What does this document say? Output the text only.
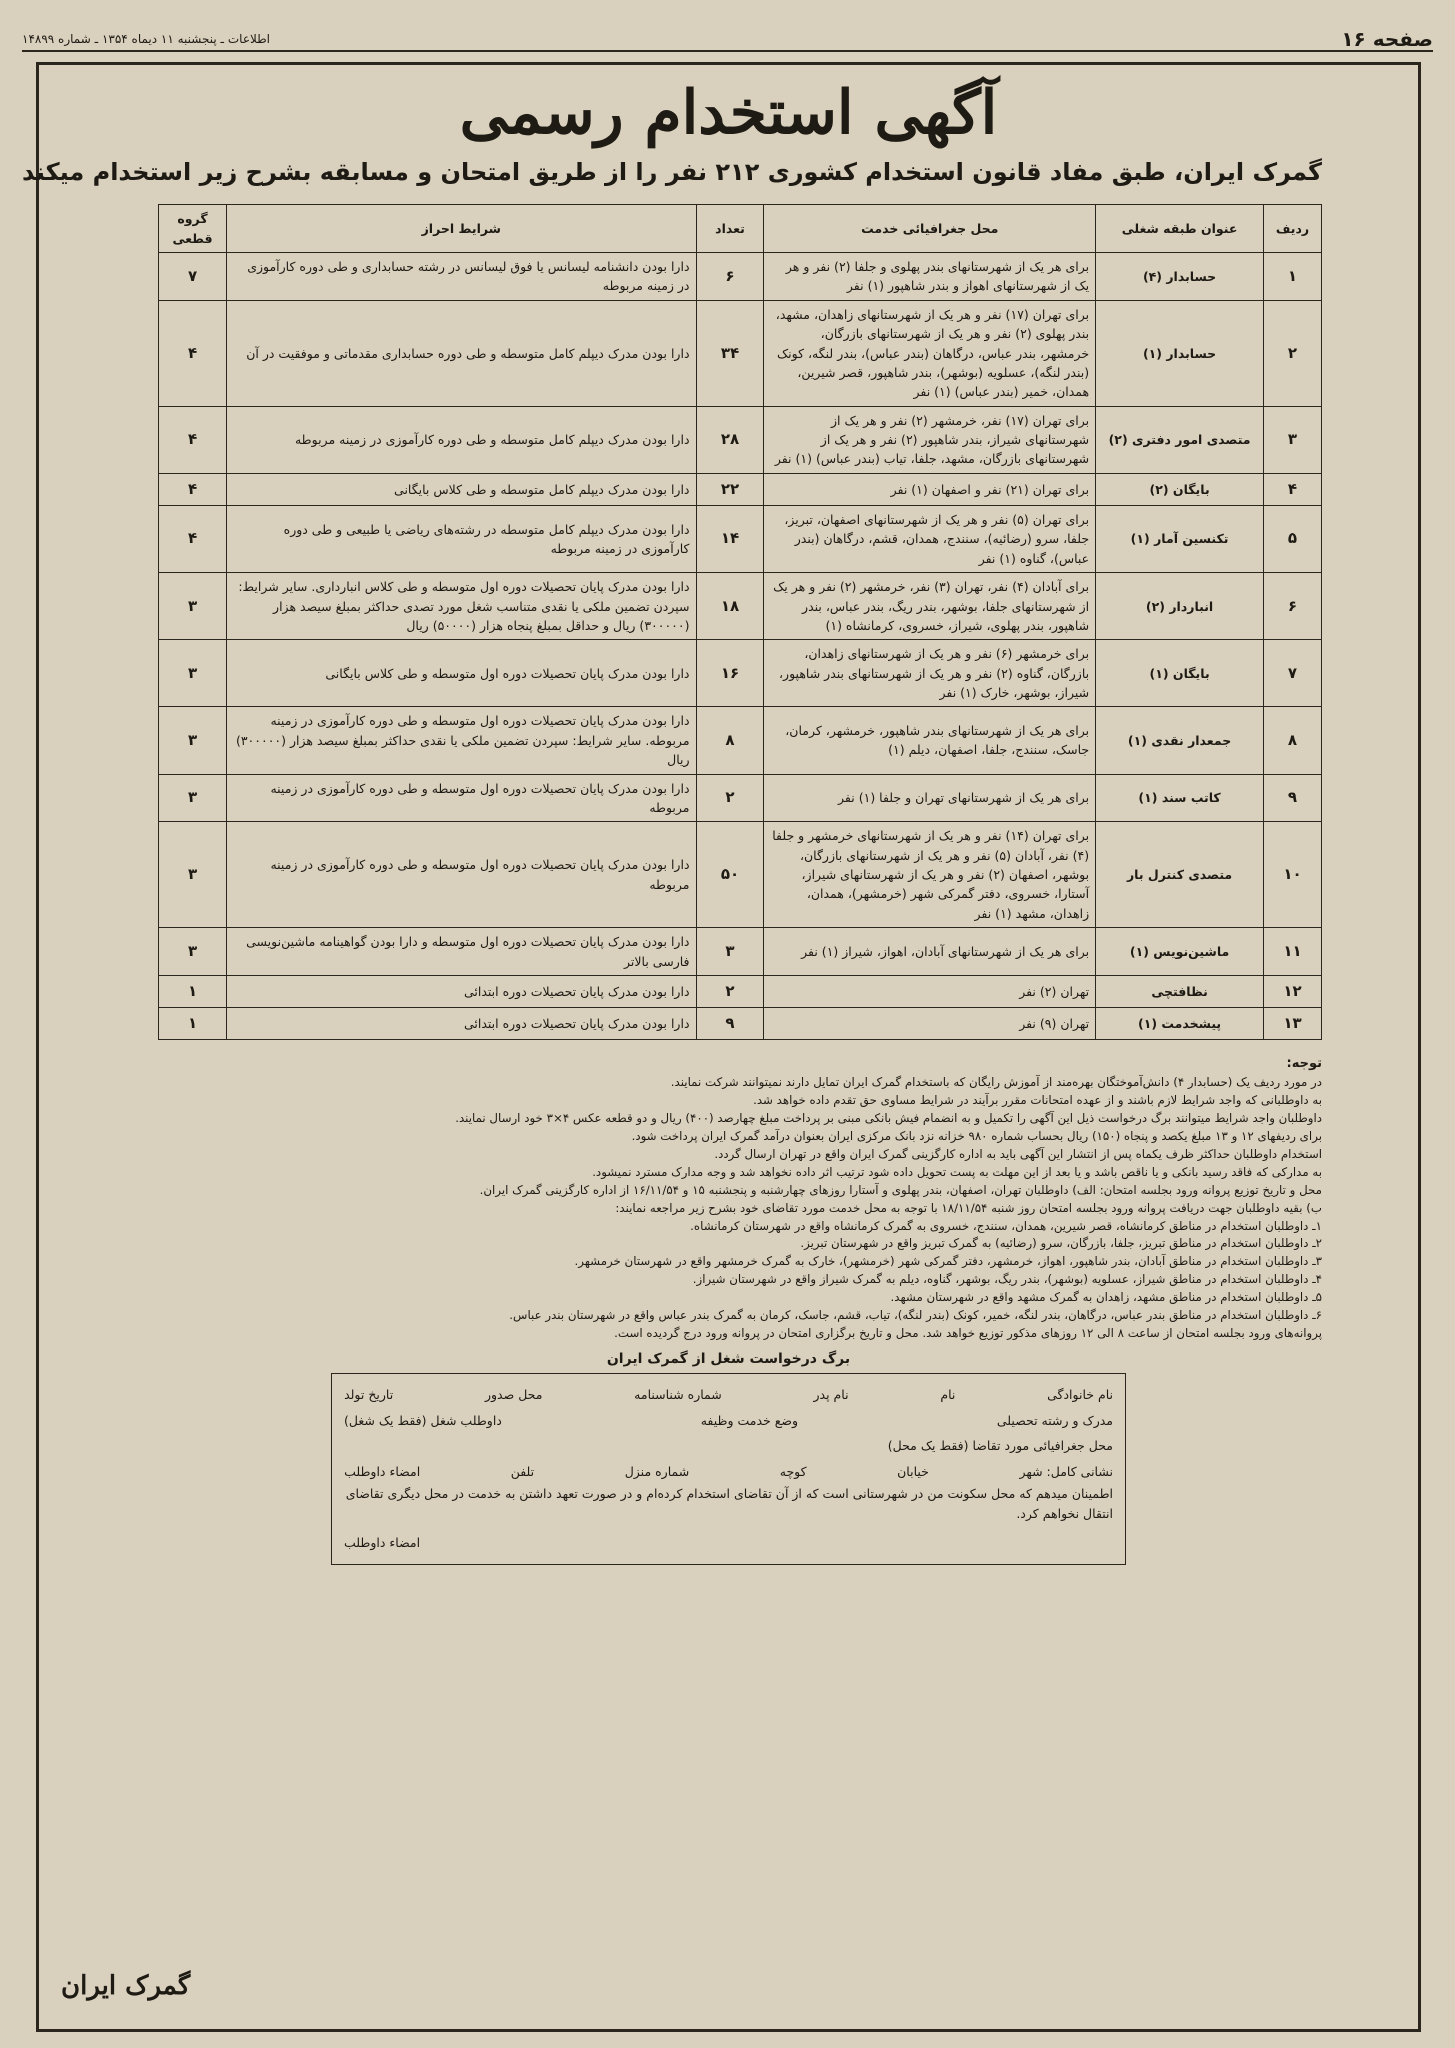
صفحه ۱۶
اطلاعات ـ پنجشنبه ۱۱ دیماه ۱۳۵۴ ـ شماره ۱۴۸۹۹
آگهی استخدام رسمی
گمرک ایران، طبق مفاد قانون استخدام کشوری ۲۱۲ نفر را از طریق امتحان و مسابقه بشرح زیر استخدام میکند
ردیف	عنوان طبقه شغلی	محل جغرافیائی خدمت	تعداد	شرایط احراز	گروه قطعی
۱	حسابدار (۴)	برای هر یک از شهرستانهای بندر پهلوی و جلفا (۲) نفر و هر یک از شهرستانهای اهواز و بندر شاهپور (۱) نفر	۶	دارا بودن دانشنامه لیسانس یا فوق لیسانس در رشته حسابداری و طی دوره کارآموزی در زمینه مربوطه	۷
۲	حسابدار (۱)	برای تهران (۱۷) نفر و هر یک از شهرستانهای زاهدان، مشهد، بندر پهلوی (۲) نفر و هر یک از شهرستانهای بازرگان، خرمشهر، بندر عباس، درگاهان (بندر عباس)، بندر لنگه، کونک (بندر لنگه)، عسلویه (بوشهر)، بندر شاهپور، قصر شیرین، همدان، خمیر (بندر عباس) (۱) نفر	۳۴	دارا بودن مدرک دیپلم کامل متوسطه و طی دوره حسابداری مقدماتی و موفقیت در آن	۴
۳	متصدی امور دفتری (۲)	برای تهران (۱۷) نفر، خرمشهر (۲) نفر و هر یک از شهرستانهای شیراز، بندر شاهپور (۲) نفر و هر یک از شهرستانهای بازرگان، مشهد، جلفا، تیاب (بندر عباس) (۱) نفر	۲۸	دارا بودن مدرک دیپلم کامل متوسطه و طی دوره کارآموزی در زمینه مربوطه	۴
۴	بایگان (۲)	برای تهران (۲۱) نفر و اصفهان (۱) نفر	۲۲	دارا بودن مدرک دیپلم کامل متوسطه و طی کلاس بایگانی	۴
۵	تکنسین آمار (۱)	برای تهران (۵) نفر و هر یک از شهرستانهای اصفهان، تبریز، جلفا، سرو (رضائیه)، سنندج، همدان، قشم، درگاهان (بندر عباس)، گناوه (۱) نفر	۱۴	دارا بودن مدرک دیپلم کامل متوسطه در رشته‌های ریاضی یا طبیعی و طی دوره کارآموزی در زمینه مربوطه	۴
۶	انباردار (۲)	برای آبادان (۴) نفر، تهران (۳) نفر، خرمشهر (۲) نفر و هر یک از شهرستانهای جلفا، بوشهر، بندر ریگ، بندر عباس، بندر شاهپور، بندر پهلوی، شیراز، خسروی، کرمانشاه (۱)	۱۸	دارا بودن مدرک پایان تحصیلات دوره اول متوسطه و طی کلاس انبارداری. سایر شرایط: سپردن تضمین ملکی یا نقدی متناسب شغل مورد تصدی حداکثر بمبلغ سیصد هزار (۳۰۰۰۰۰) ریال و حداقل بمبلغ پنجاه هزار (۵۰۰۰۰) ریال	۳
۷	بایگان (۱)	برای خرمشهر (۶) نفر و هر یک از شهرستانهای زاهدان، بازرگان، گناوه (۲) نفر و هر یک از شهرستانهای بندر شاهپور، شیراز، بوشهر، خارک (۱) نفر	۱۶	دارا بودن مدرک پایان تحصیلات دوره اول متوسطه و طی کلاس بایگانی	۳
۸	جمعدار نقدی (۱)	برای هر یک از شهرستانهای بندر شاهپور، خرمشهر، کرمان، جاسک، سنندج، جلفا، اصفهان، دیلم (۱)	۸	دارا بودن مدرک پایان تحصیلات دوره اول متوسطه و طی دوره کارآموزی در زمینه مربوطه. سایر شرایط: سپردن تضمین ملکی یا نقدی حداکثر بمبلغ سیصد هزار (۳۰۰۰۰۰) ریال	۳
۹	کاتب سند (۱)	برای هر یک از شهرستانهای تهران و جلفا (۱) نفر	۲	دارا بودن مدرک پایان تحصیلات دوره اول متوسطه و طی دوره کارآموزی در زمینه مربوطه	۳
۱۰	متصدی کنترل بار	برای تهران (۱۴) نفر و هر یک از شهرستانهای خرمشهر و جلفا (۴) نفر، آبادان (۵) نفر و هر یک از شهرستانهای بازرگان، بوشهر، اصفهان (۲) نفر و هر یک از شهرستانهای شیراز، آستارا، خسروی، دفتر گمرکی شهر (خرمشهر)، همدان، زاهدان، مشهد (۱) نفر	۵۰	دارا بودن مدرک پایان تحصیلات دوره اول متوسطه و طی دوره کارآموزی در زمینه مربوطه	۳
۱۱	ماشین‌نویس (۱)	برای هر یک از شهرستانهای آبادان، اهواز، شیراز (۱) نفر	۳	دارا بودن مدرک پایان تحصیلات دوره اول متوسطه و دارا بودن گواهینامه ماشین‌نویسی فارسی بالاتر	۳
۱۲	نظافتچی	تهران (۲) نفر	۲	دارا بودن مدرک پایان تحصیلات دوره ابتدائی	۱
۱۳	پیشخدمت (۱)	تهران (۹) نفر	۹	دارا بودن مدرک پایان تحصیلات دوره ابتدائی	۱
توجه:
در مورد ردیف یک (حسابدار ۴) دانش‌آموختگان بهره‌مند از آموزش رایگان که باستخدام گمرک ایران تمایل دارند نمیتوانند شرکت نمایند.
به داوطلبانی که واجد شرایط لازم باشند و از عهده امتحانات مقرر برآیند در شرایط مساوی حق تقدم داده خواهد شد.
داوطلبان واجد شرایط میتوانند برگ درخواست ذیل این آگهی را تکمیل و به انضمام فیش بانکی مبنی بر پرداخت مبلغ چهارصد (۴۰۰) ریال و دو قطعه عکس ۴×۳ خود ارسال نمایند.
برای ردیفهای ۱۲ و ۱۳ مبلغ یکصد و پنجاه (۱۵۰) ریال بحساب شماره ۹۸۰ خزانه نزد بانک مرکزی ایران بعنوان درآمد گمرک ایران پرداخت شود.
استخدام داوطلبان حداکثر ظرف یکماه پس از انتشار این آگهی باید به اداره کارگزینی گمرک ایران واقع در تهران ارسال گردد.
به مدارکی که فاقد رسید بانکی و یا ناقص باشد و یا بعد از این مهلت به پست تحویل داده شود ترتیب اثر داده نخواهد شد و وجه مدارک مسترد نمیشود.
محل و تاریخ توزیع پروانه ورود بجلسه امتحان: الف) داوطلبان تهران، اصفهان، بندر پهلوی و آستارا روزهای چهارشنبه و پنجشنبه ۱۵ و ۱۶/۱۱/۵۴ از اداره کارگزینی گمرک ایران.
ب) بقیه داوطلبان جهت دریافت پروانه ورود بجلسه امتحان روز شنبه ۱۸/۱۱/۵۴ با توجه به محل خدمت مورد تقاضای خود بشرح زیر مراجعه نمایند:
۱ـ داوطلبان استخدام در مناطق کرمانشاه، قصر شیرین، همدان، سنندج، خسروی به گمرک کرمانشاه واقع در شهرستان کرمانشاه.
۲ـ داوطلبان استخدام در مناطق تبریز، جلفا، بازرگان، سرو (رضائیه) به گمرک تبریز واقع در شهرستان تبریز.
۳ـ داوطلبان استخدام در مناطق آبادان، بندر شاهپور، اهواز، خرمشهر، دفتر گمرکی شهر (خرمشهر)، خارک به گمرک خرمشهر واقع در شهرستان خرمشهر.
۴ـ داوطلبان استخدام در مناطق شیراز، عسلویه (بوشهر)، بندر ریگ، بوشهر، گناوه، دیلم به گمرک شیراز واقع در شهرستان شیراز.
۵ـ داوطلبان استخدام در مناطق مشهد، زاهدان به گمرک مشهد واقع در شهرستان مشهد.
۶ـ داوطلبان استخدام در مناطق بندر عباس، درگاهان، بندر لنگه، خمیر، کونک (بندر لنگه)، تیاب، قشم، جاسک، کرمان به گمرک بندر عباس واقع در شهرستان بندر عباس.
پروانه‌های ورود بجلسه امتحان از ساعت ۸ الی ۱۲ روزهای مذکور توزیع خواهد شد. محل و تاریخ برگزاری امتحان در پروانه ورود درج گردیده است.
برگ درخواست شغل از گمرک ایران
نام خانوادگی
نام
نام پدر
شماره شناسنامه
محل صدور
تاریخ تولد
مدرک و رشته تحصیلی
وضع خدمت وظیفه
داوطلب شغل (فقط یک شغل)
محل جغرافیائی مورد تقاضا (فقط یک محل)
نشانی کامل: شهر
خیابان
کوچه
شماره منزل
تلفن
امضاء داوطلب
اطمینان میدهم که محل سکونت من در شهرستانی است که از آن تقاضای استخدام کرده‌ام و در صورت تعهد داشتن به خدمت در محل دیگری تقاضای انتقال نخواهم کرد.
امضاء داوطلب
گمرک ایران
